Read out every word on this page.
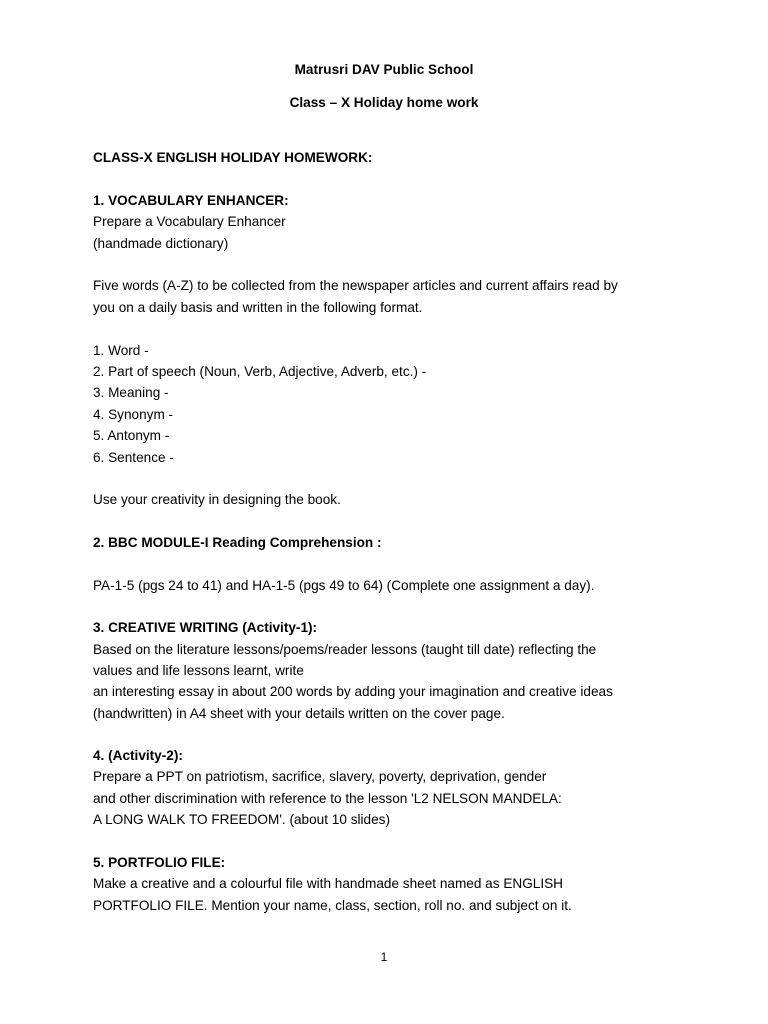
Matrusri DAV Public School
Class – X Holiday home work
CLASS-X ENGLISH HOLIDAY HOMEWORK:
1. VOCABULARY ENHANCER:
Prepare a Vocabulary Enhancer
(handmade dictionary)
Five words (A-Z) to be collected from the newspaper articles and current affairs read by
you on a daily basis and written in the following format.
1. Word -
2. Part of speech (Noun, Verb, Adjective, Adverb, etc.) -
3. Meaning -
4. Synonym -
5. Antonym -
6. Sentence -
Use your creativity in designing the book.
2. BBC MODULE-I Reading Comprehension :
PA-1-5 (pgs 24 to 41) and HA-1-5 (pgs 49 to 64) (Complete one assignment a day).
3. CREATIVE WRITING (Activity-1):
Based on the literature lessons/poems/reader lessons (taught till date) reflecting the
values and life lessons learnt, write
an interesting essay in about 200 words by adding your imagination and creative ideas
(handwritten) in A4 sheet with your details written on the cover page.
4. (Activity-2):
Prepare a PPT on patriotism, sacrifice, slavery, poverty, deprivation, gender
and other discrimination with reference to the lesson 'L2 NELSON MANDELA:
A LONG WALK TO FREEDOM'. (about 10 slides)
5. PORTFOLIO FILE:
Make a creative and a colourful file with handmade sheet named as ENGLISH
PORTFOLIO FILE. Mention your name, class, section, roll no. and subject on it.
1
